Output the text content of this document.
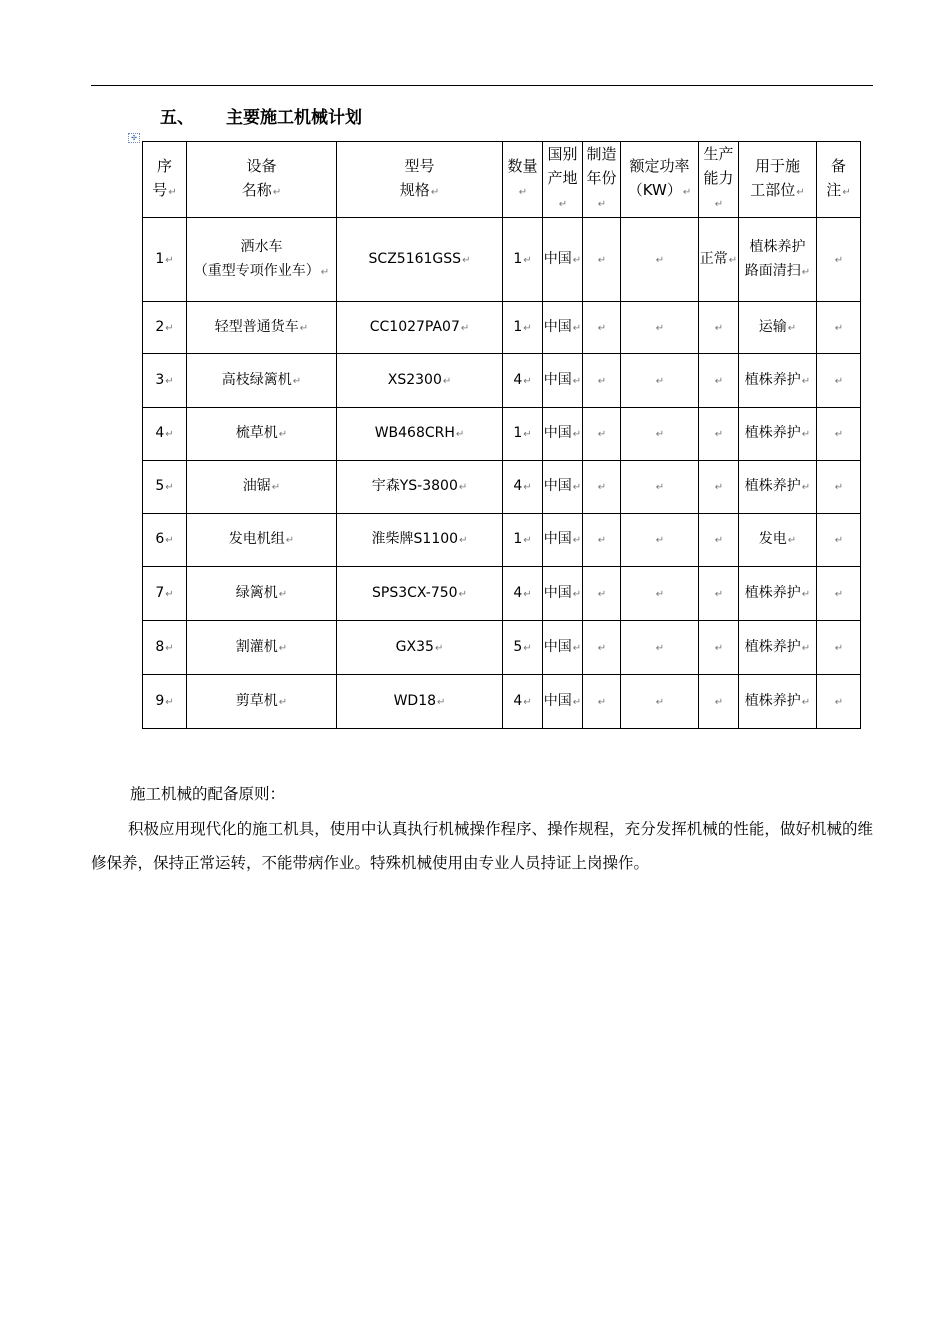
五、 主要施工机械计划
✣
序
号↵	设备
名称↵	型号
规格↵	数量↵	国别
产地↵	制造
年份↵	额定功率
（KW）↵	生产
能力↵	用于施
工部位↵	备
注↵
1↵	洒水车
（重型专项作业车）↵	SCZ5161GSS↵	1↵	中国↵	↵	↵	正常↵	植株养护
路面清扫↵	↵
2↵	轻型普通货车↵	CC1027PA07↵	1↵	中国↵	↵	↵	↵	运输↵	↵
3↵	高枝绿篱机↵	XS2300↵	4↵	中国↵	↵	↵	↵	植株养护↵	↵
4↵	梳草机↵	WB468CRH↵	1↵	中国↵	↵	↵	↵	植株养护↵	↵
5↵	油锯↵	宇森YS-3800↵	4↵	中国↵	↵	↵	↵	植株养护↵	↵
6↵	发电机组↵	淮柴牌S1100↵	1↵	中国↵	↵	↵	↵	发电↵	↵
7↵	绿篱机↵	SPS3CX-750↵	4↵	中国↵	↵	↵	↵	植株养护↵	↵
8↵	割灌机↵	GX35↵	5↵	中国↵	↵	↵	↵	植株养护↵	↵
9↵	剪草机↵	WD18↵	4↵	中国↵	↵	↵	↵	植株养护↵	↵
施工机械的配备原则：
积极应用现代化的施工机具，使用中认真执行机械操作程序、操作规程，充分发挥机械的性能，做好机械的维修保养，保持正常运转，不能带病作业。特殊机械使用由专业人员持证上岗操作。
